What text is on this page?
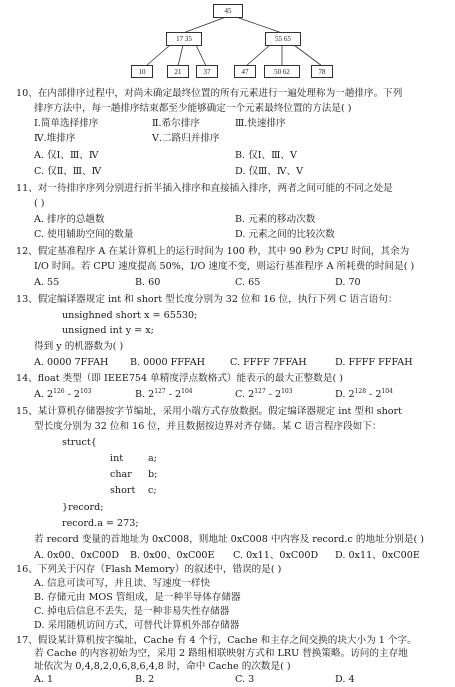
45
17 35	55 65
10	21	37	47	50 62	78
10、在内部排序过程中，对尚未确定最终位置的所有元素进行一遍处理称为一趟排序。下列
排序方法中，每一趟排序结束都至少能够确定一个元素最终位置的方法是( )
Ⅰ.简单选择排序	Ⅱ.希尔排序	Ⅲ.快速排序
Ⅳ.堆排序	Ⅴ.二路归并排序
A. 仅Ⅰ、Ⅲ、Ⅳ	B. 仅Ⅰ、Ⅲ、Ⅴ
C. 仅Ⅱ、Ⅲ、Ⅳ	D. 仅Ⅲ、Ⅳ、Ⅴ
11、对一待排序序列分别进行折半插入排序和直接插入排序，两者之间可能的不同之处是
( )
A. 排序的总趟数	B. 元素的移动次数
C. 使用辅助空间的数量	D. 元素之间的比较次数
12、假定基准程序 A 在某计算机上的运行时间为 100 秒，其中 90 秒为 CPU 时间，其余为
I/O 时间。若 CPU 速度提高 50%，I/O 速度不变，则运行基准程序 A 所耗费的时间是( )
A. 55	B. 60	C. 65	D. 70
13、假定编译器规定 int 和 short 型长度分别为 32 位和 16 位，执行下列 C 语言语句：
unsighned short x = 65530;
unsigned int y = x;
得到 y 的机器数为( )
A. 0000 7FFAH B. 0000 FFFAH	C. FFFF 7FFAH	D. FFFF FFFAH
14、float 类型（即 IEEE754 单精度浮点数格式）能表示的最大正整数是( )
A. $2^{126} - 2^{103}$	B. $2^{127} - 2^{104}$	C. $2^{127} - 2^{103}$	D. $2^{128} - 2^{104}$
15、某计算机存储器按字节编址，采用小端方式存放数据。假定编译器规定 int 型和 short
型长度分别为 32 位和 16 位，并且数据按边界对齐存储。某 C 语言程序段如下：
struct{
int	a;
char b;
short c;
}record;
record.a = 273;
若 record 变量的首地址为 0xC008，则地址 0xC008 中内容及 record.c 的地址分别是( )
A. 0x00、0xC00D B. 0x00、0xC00E C. 0x11、0xC00D D. 0x11、0xC00E
16、下列关于闪存（Flash Memory）的叙述中，错误的是( )
A. 信息可读可写，并且读、写速度一样快
B. 存储元由 MOS 管组成，是一种半导体存储器
C. 掉电后信息不丢失，是一种非易失性存储器
D. 采用随机访问方式，可替代计算机外部存储器
17、假设某计算机按字编址，Cache 有 4 个行，Cache 和主存之间交换的块大小为 1 个字。
若 Cache 的内容初始为空，采用 2 路组相联映射方式和 LRU 替换策略。访问的主存地
址依次为 0,4,8,2,0,6,8,6,4,8 时，命中 Cache 的次数是( )
A. 1	B. 2	C. 3	D. 4
